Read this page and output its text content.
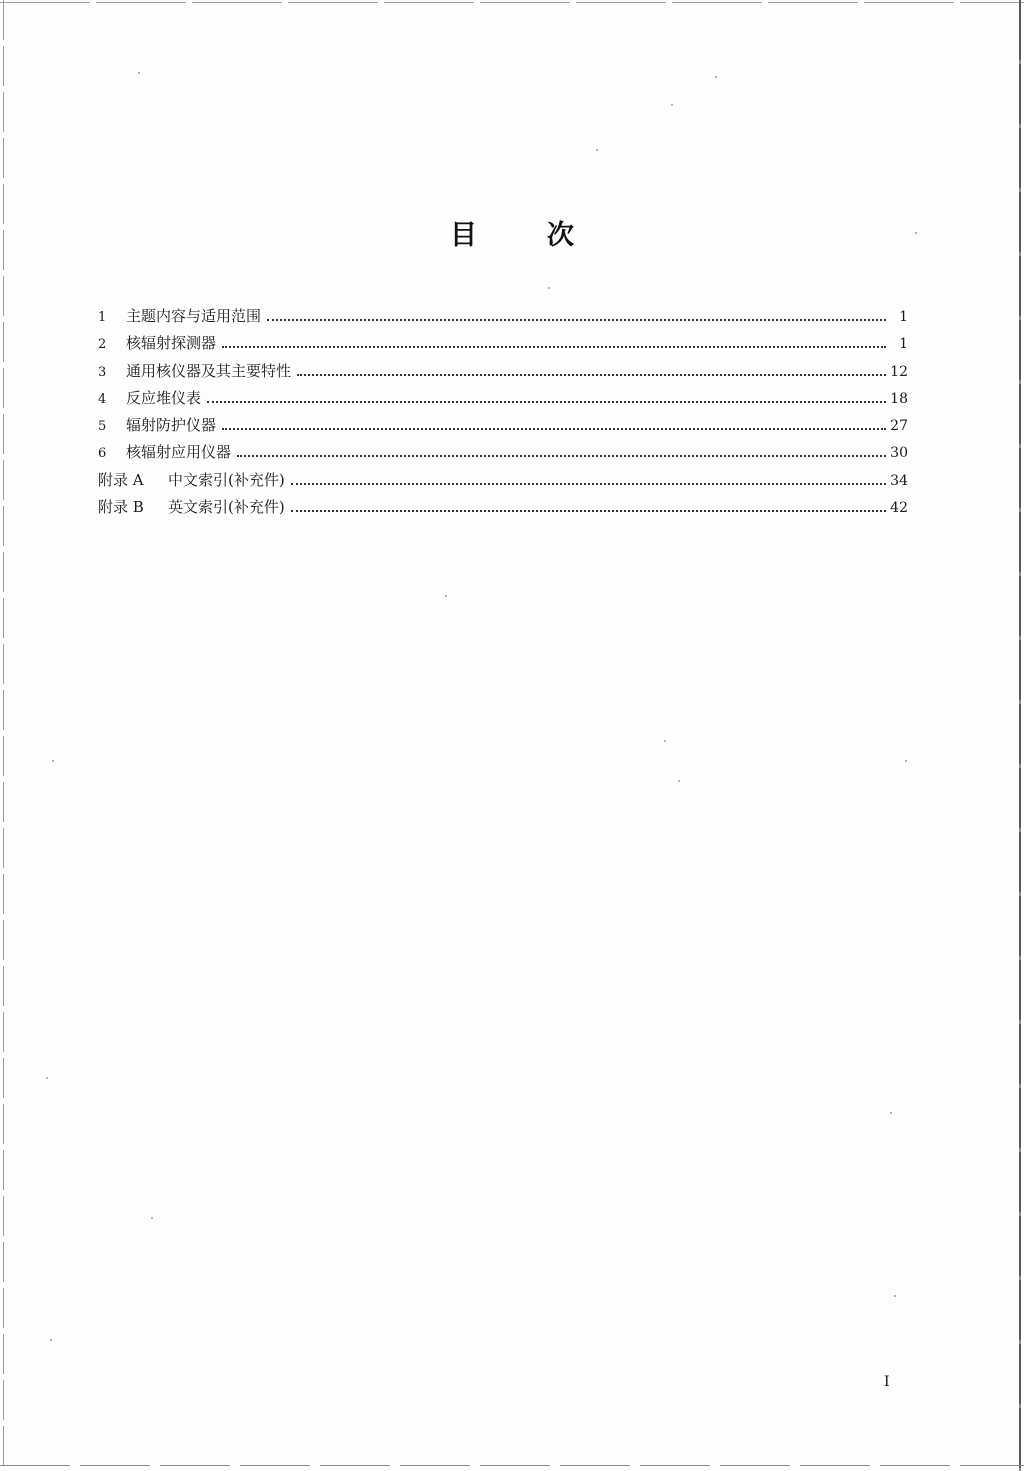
目次
1	主题内容与适用范围	1
2	核辐射探测器	1
3	通用核仪器及其主要特性	12
4	反应堆仪表	18
5	辐射防护仪器	27
6	核辐射应用仪器	30
附录 A	中文索引(补充件)	34
附录 B	英文索引(补充件)	42
I
